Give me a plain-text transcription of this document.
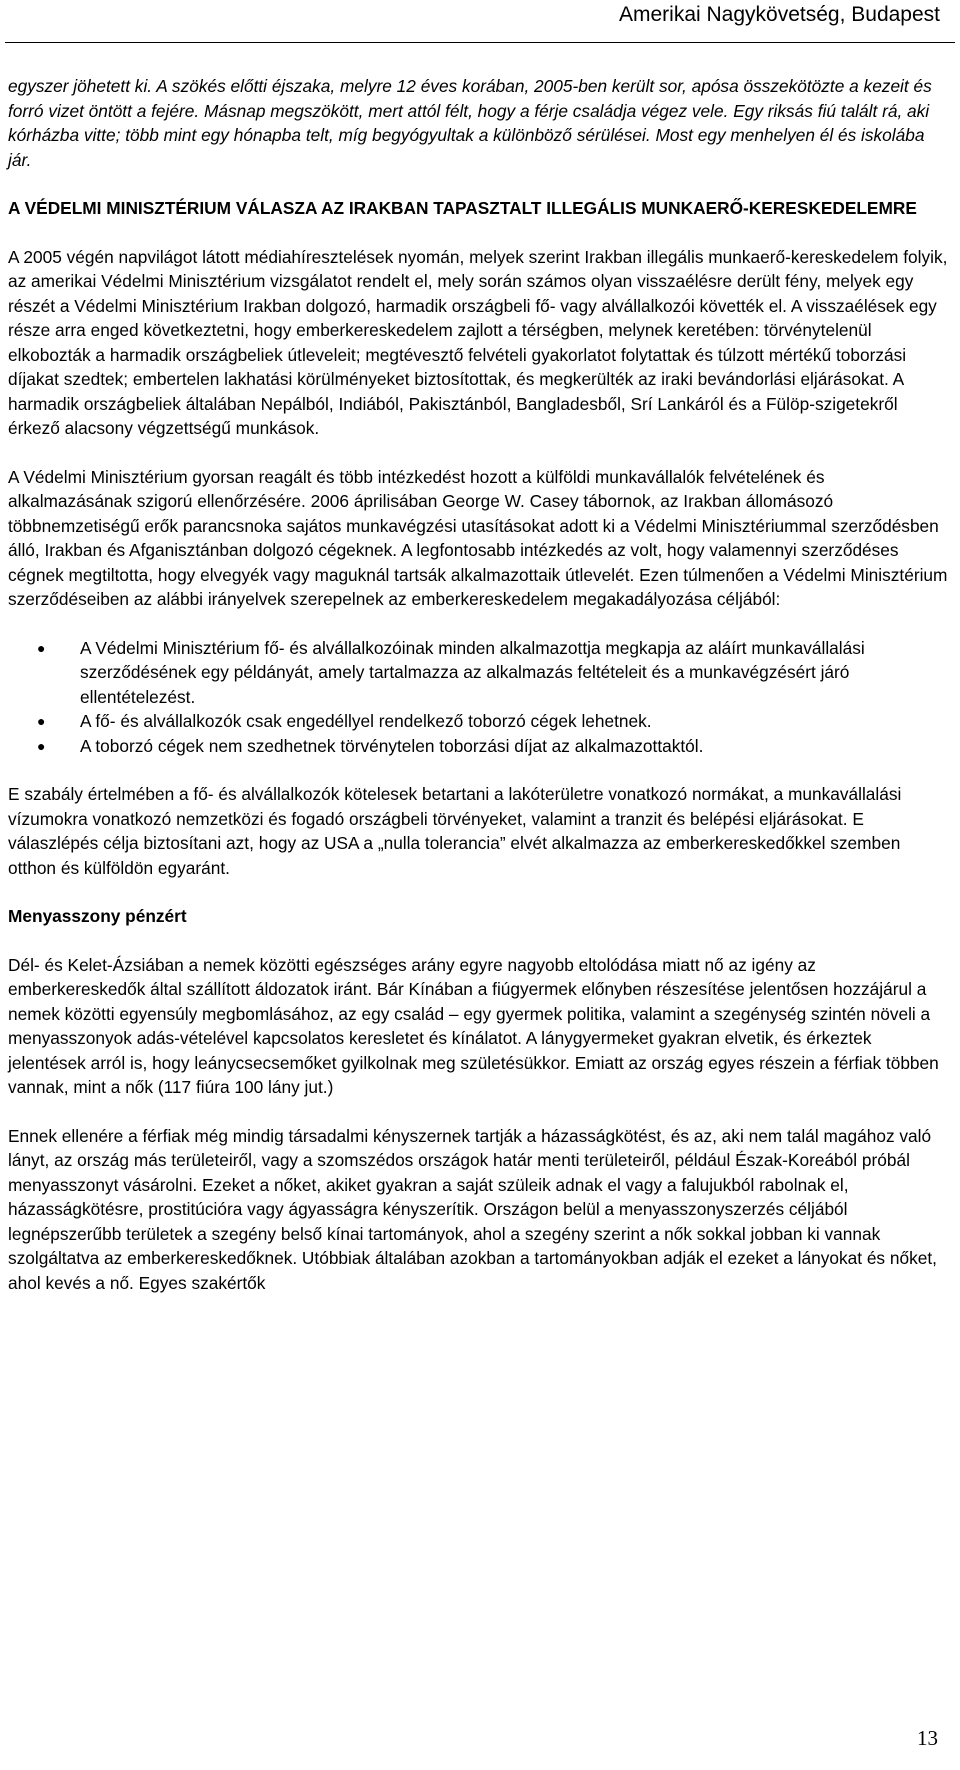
Amerikai Nagykövetség, Budapest

egyszer jöhetett ki. A szökés előtti éjszaka, melyre 12 éves korában, 2005-ben került sor, apósa összekötözte a kezeit és forró vizet öntött a fejére. Másnap megszökött, mert attól félt, hogy a férje családja végez vele. Egy riksás fiú talált rá, aki kórházba vitte; több mint egy hónapba telt, míg begyógyultak a különböző sérülései. Most egy menhelyen él és iskolába jár.

A VÉDELMI MINISZTÉRIUM VÁLASZA AZ IRAKBAN TAPASZTALT ILLEGÁLIS MUNKAERŐ-KERESKEDELEMRE

A 2005 végén napvilágot látott médiahíresztelések nyomán, melyek szerint Irakban illegális munkaerő-kereskedelem folyik, az amerikai Védelmi Minisztérium vizsgálatot rendelt el, mely során számos olyan visszaélésre derült fény, melyek egy részét a Védelmi Minisztérium Irakban dolgozó, harmadik országbeli fő- vagy alvállalkozói követték el. A visszaélések egy része arra enged következtetni, hogy emberkereskedelem zajlott a térségben, melynek keretében: törvénytelenül elkobozták a harmadik országbeliek útleveleit; megtévesztő felvételi gyakorlatot folytattak és túlzott mértékű toborzási díjakat szedtek; embertelen lakhatási körülményeket biztosítottak, és megkerülték az iraki bevándorlási eljárásokat. A harmadik országbeliek általában Nepálból, Indiából, Pakisztánból, Bangladesből, Srí Lankáról és a Fülöp-szigetekről érkező alacsony végzettségű munkások.

A Védelmi Minisztérium gyorsan reagált és több intézkedést hozott a külföldi munkavállalók felvételének és alkalmazásának szigorú ellenőrzésére. 2006 áprilisában George W. Casey tábornok, az Irakban állomásozó többnemzetiségű erők parancsnoka sajátos munkavégzési utasításokat adott ki a Védelmi Minisztériummal szerződésben álló, Irakban és Afganisztánban dolgozó cégeknek. A legfontosabb intézkedés az volt, hogy valamennyi szerződéses cégnek megtiltotta, hogy elvegyék vagy maguknál tartsák alkalmazottaik útlevelét. Ezen túlmenően a Védelmi Minisztérium szerződéseiben az alábbi irányelvek szerepelnek az emberkereskedelem megakadályozása céljából:

● A Védelmi Minisztérium fő- és alvállalkozóinak minden alkalmazottja megkapja az aláírt munkavállalási szerződésének egy példányát, amely tartalmazza az alkalmazás feltételeit és a munkavégzésért járó ellentételezést.
● A fő- és alvállalkozók csak engedéllyel rendelkező toborzó cégek lehetnek.
● A toborzó cégek nem szedhetnek törvénytelen toborzási díjat az alkalmazottaktól.

E szabály értelmében a fő- és alvállalkozók kötelesek betartani a lakóterületre vonatkozó normákat, a munkavállalási vízumokra vonatkozó nemzetközi és fogadó országbeli törvényeket, valamint a tranzit és belépési eljárásokat. E válaszlépés célja biztosítani azt, hogy az USA a „nulla tolerancia” elvét alkalmazza az emberkereskedőkkel szemben otthon és külföldön egyaránt.

Menyasszony pénzért

Dél- és Kelet-Ázsiában a nemek közötti egészséges arány egyre nagyobb eltolódása miatt nő az igény az emberkereskedők által szállított áldozatok iránt. Bár Kínában a fiúgyermek előnyben részesítése jelentősen hozzájárul a nemek közötti egyensúly megbomlásához, az egy család – egy gyermek politika, valamint a szegénység szintén növeli a menyasszonyok adás-vételével kapcsolatos keresletet és kínálatot. A lánygyermeket gyakran elvetik, és érkeztek jelentések arról is, hogy leánycsecsemőket gyilkolnak meg születésükkor. Emiatt az ország egyes részein a férfiak többen vannak, mint a nők (117 fiúra 100 lány jut.)

Ennek ellenére a férfiak még mindig társadalmi kényszernek tartják a házasságkötést, és az, aki nem talál magához való lányt, az ország más területeiről, vagy a szomszédos országok határ menti területeiről, például Észak-Koreából próbál menyasszonyt vásárolni. Ezeket a nőket, akiket gyakran a saját szüleik adnak el vagy a falujukból rabolnak el, házasságkötésre, prostitúcióra vagy ágyasságra kényszerítik. Országon belül a menyasszonyszerzés céljából legnépszerűbb területek a szegény belső kínai tartományok, ahol a szegény szerint a nők sokkal jobban ki vannak szolgáltatva az emberkereskedőknek. Utóbbiak általában azokban a tartományokban adják el ezeket a lányokat és nőket, ahol kevés a nő. Egyes szakértők

13
